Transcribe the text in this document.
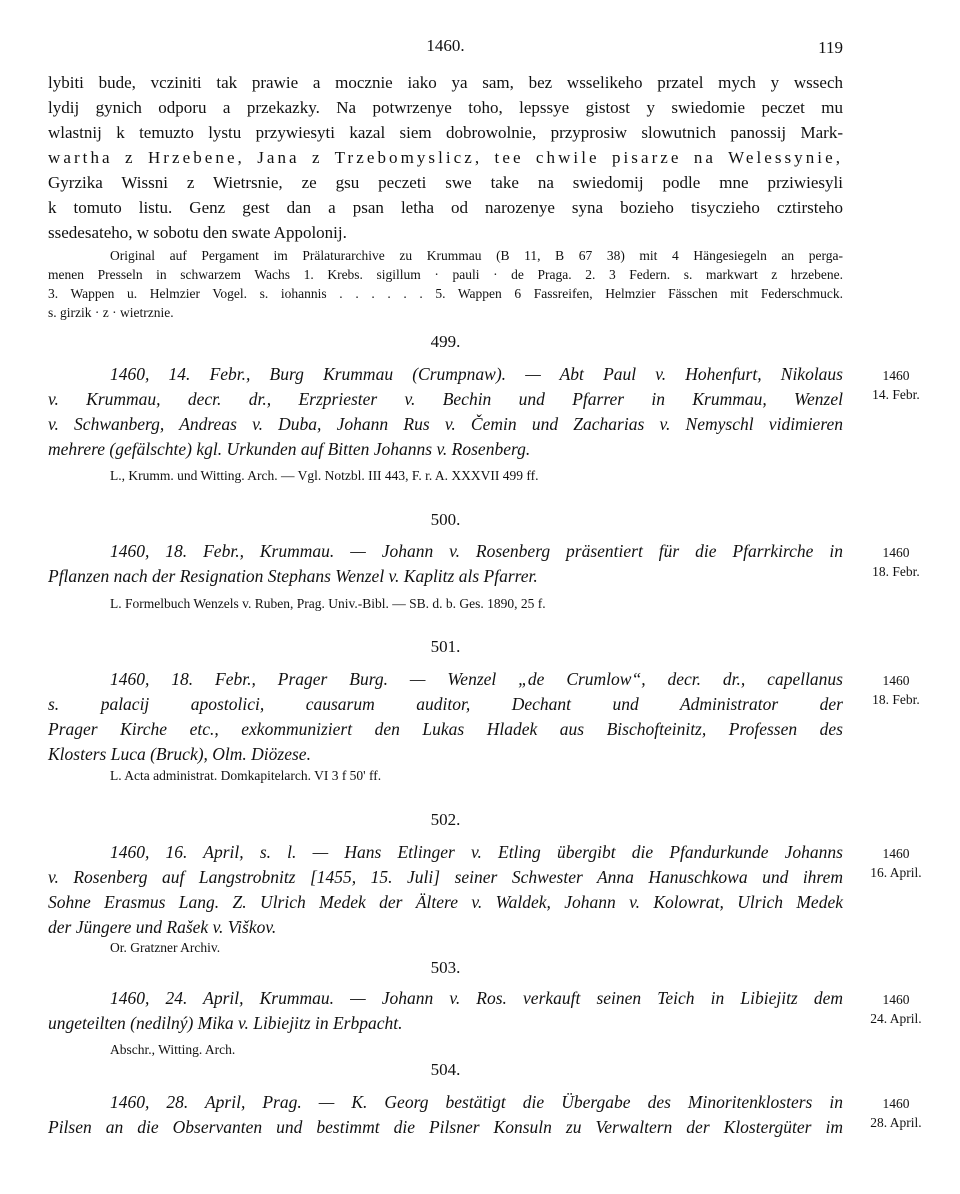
1460.	119
lybiti bude, vcziniti tak prawie a mocznie iako ya sam, bez wsselikeho przatel mych y wssech
lydij gynich odporu a przekazky. Na potwrzenye toho, lepssye gistost y swiedomie peczet mu
wlastnij k temuzto lystu przywiesyti kazal siem dobrowolnie, przyprosiw slowutnich panossij Mark-
wartha z Hrzebene, Jana z Trzebomyslicz, tee chwile pisarze na Welessynie,
Gyrzika Wissni z Wietrsnie, ze gsu peczeti swe take na swiedomij podle mne prziwiesyli
k tomuto listu. Genz gest dan a psan letha od narozenye syna bozieho tisyczieho cztirsteho
ssedesateho, w sobotu den swate Appolonij.
Original auf Pergament im Prälaturarchive zu Krummau (B 11, B 67 38) mit 4 Hängesiegeln an perga-
menen Presseln in schwarzem Wachs 1. Krebs. sigillum · pauli · de Praga. 2. 3 Federn. s. markwart z hrzebene.
3. Wappen u. Helmzier Vogel. s. iohannis . . . . . . 5. Wappen 6 Fassreifen, Helmzier Fässchen mit Federschmuck.
s. girzik · z · wietrznie.
499.
1460, 14. Febr., Burg Krummau (Crumpnaw). — Abt Paul v. Hohenfurt, Nikolaus
v. Krummau, decr. dr., Erzpriester v. Bechin und Pfarrer in Krummau, Wenzel
v. Schwanberg, Andreas v. Duba, Johann Rus v. Čemin und Zacharias v. Nemyschl vidimieren
mehrere (gefälschte) kgl. Urkunden auf Bitten Johanns v. Rosenberg.
L., Krumm. und Witting. Arch. — Vgl. Notzbl. III 443, F. r. A. XXXVII 499 ff.
1460
14. Febr.
500.
1460, 18. Febr., Krummau. — Johann v. Rosenberg präsentiert für die Pfarrkirche in
Pflanzen nach der Resignation Stephans Wenzel v. Kaplitz als Pfarrer.
L. Formelbuch Wenzels v. Ruben, Prag. Univ.-Bibl. — SB. d. b. Ges. 1890, 25 f.
1460
18. Febr.
501.
1460, 18. Febr., Prager Burg. — Wenzel „de Crumlow“, decr. dr., capellanus
s. palacij apostolici, causarum auditor, Dechant und Administrator der
Prager Kirche etc., exkommuniziert den Lukas Hladek aus Bischofteinitz, Professen des
Klosters Luca (Bruck), Olm. Diözese.
L. Acta administrat. Domkapitelarch. VI 3 f 50' ff.
1460
18. Febr.
502.
1460, 16. April, s. l. — Hans Etlinger v. Etling übergibt die Pfandurkunde Johanns
v. Rosenberg auf Langstrobnitz [1455, 15. Juli] seiner Schwester Anna Hanuschkowa und ihrem
Sohne Erasmus Lang. Z. Ulrich Medek der Ältere v. Waldek, Johann v. Kolowrat, Ulrich Medek
der Jüngere und Rašek v. Viškov.
Or. Gratzner Archiv.
1460
16. April.
503.
1460, 24. April, Krummau. — Johann v. Ros. verkauft seinen Teich in Libiejitz dem
ungeteilten (nedilný) Mika v. Libiejitz in Erbpacht.
Abschr., Witting. Arch.
1460
24. April.
504.
1460, 28. April, Prag. — K. Georg bestätigt die Übergabe des Minoritenklosters in
Pilsen an die Observanten und bestimmt die Pilsner Konsuln zu Verwaltern der Klostergüter im
1460
28. April.
